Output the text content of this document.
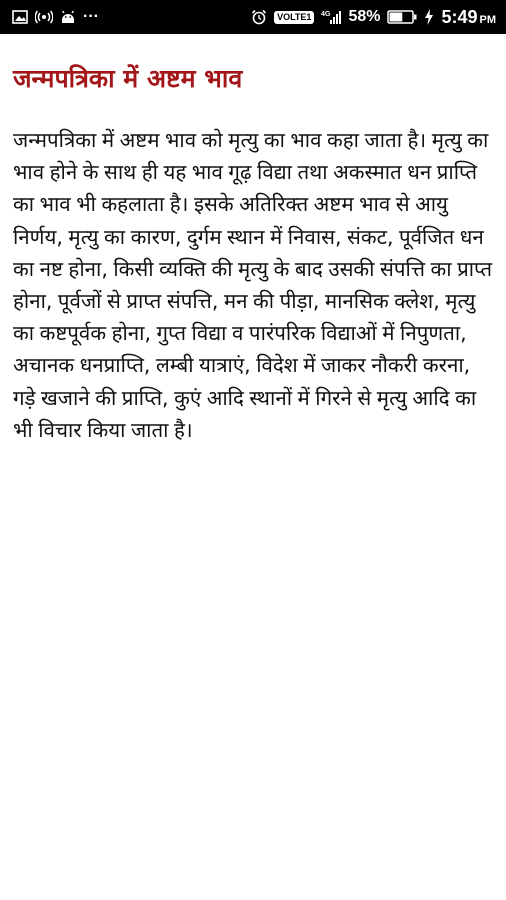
···	VOLTE1	4G 58%	5:49 PM
जन्मपत्रिका में अष्टम भाव

जन्मपत्रिका में अष्टम भाव को मृत्यु का भाव कहा जाता है। मृत्यु का भाव होने के साथ ही यह भाव गूढ़ विद्या तथा अकस्मात धन प्राप्ति का भाव भी कहलाता है। इसके अतिरिक्त अष्टम भाव से आयु निर्णय, मृत्यु का कारण, दुर्गम स्थान में निवास, संकट, पूर्वजित धन का नष्ट होना, किसी व्यक्ति की मृत्यु के बाद उसकी संपत्ति का प्राप्त होना, पूर्वजों से प्राप्त संपत्ति, मन की पीड़ा, मानसिक क्लेश, मृत्यु का कष्टपूर्वक होना, गुप्त विद्या व पारंपरिक विद्याओं में निपुणता, अचानक धनप्राप्ति, लम्बी यात्राएं, विदेश में जाकर नौकरी करना, गड़े खजाने की प्राप्ति, कुएं आदि स्थानों में गिरने से मृत्यु आदि का भी विचार किया जाता है।
